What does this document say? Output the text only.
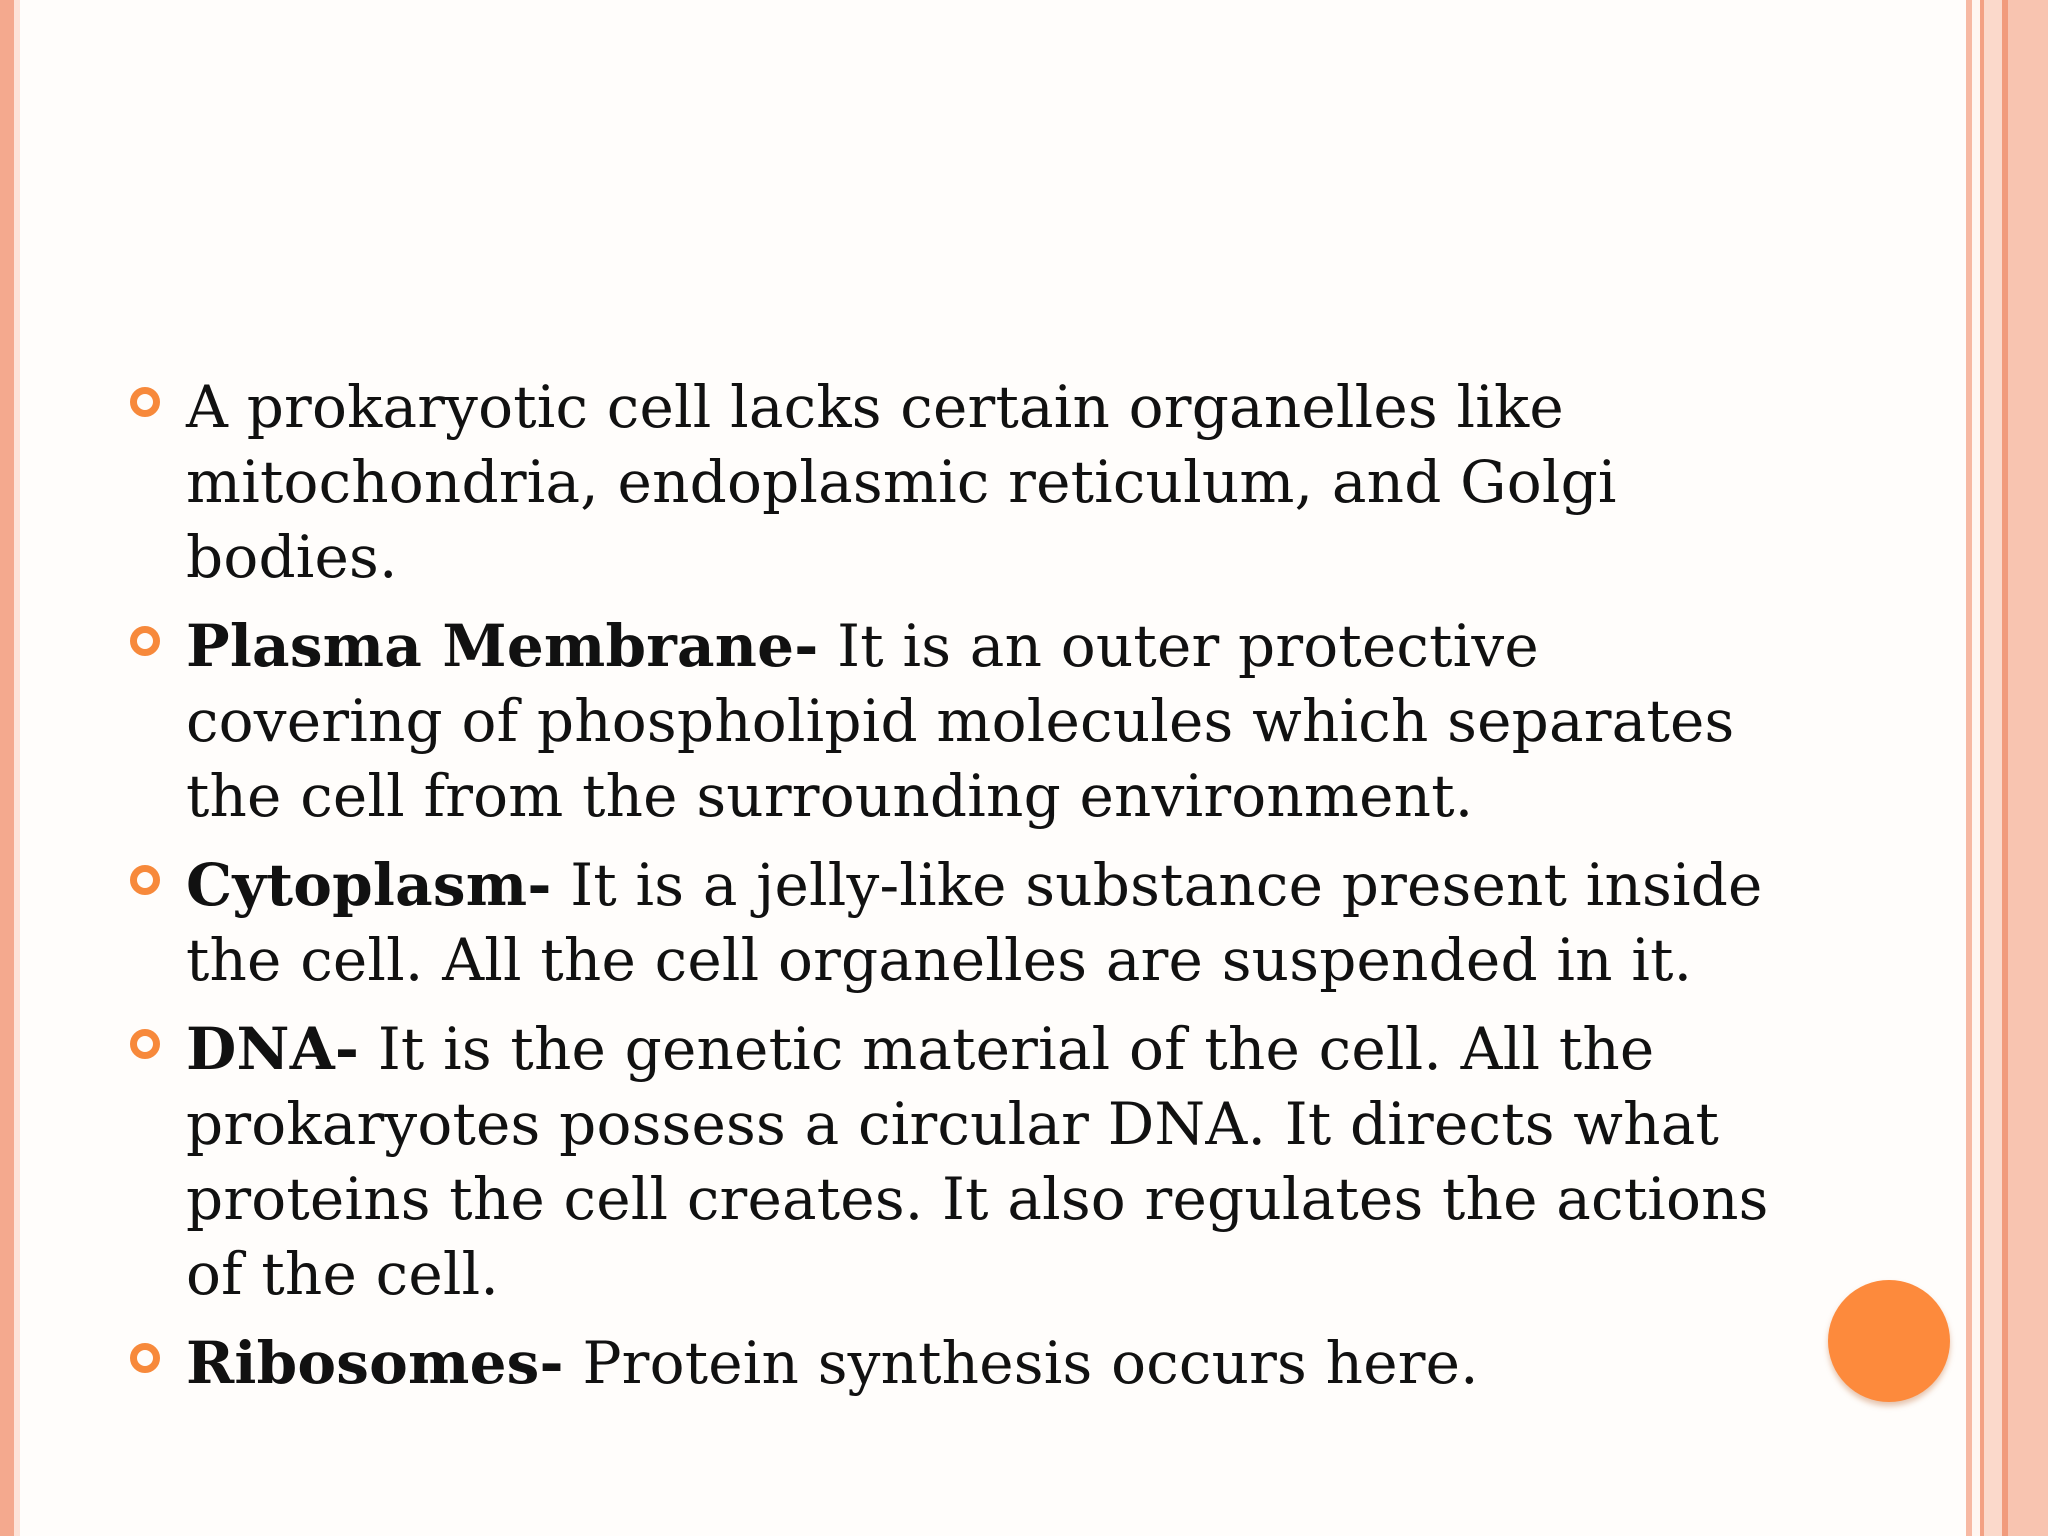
A prokaryotic cell lacks certain organelles like mitochondria, endoplasmic reticulum, and Golgi bodies.
Plasma Membrane- It is an outer protective covering of phospholipid molecules which separates the cell from the surrounding environment.
Cytoplasm- It is a jelly-like substance present inside the cell. All the cell organelles are suspended in it.
DNA- It is the genetic material of the cell. All the prokaryotes possess a circular DNA. It directs what proteins the cell creates. It also regulates the actions of the cell.
Ribosomes- Protein synthesis occurs here.
